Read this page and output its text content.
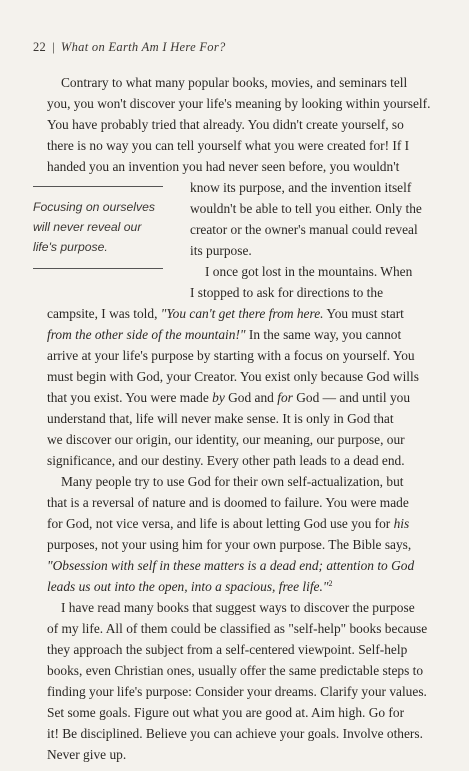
22 | What on Earth Am I Here For?
Contrary to what many popular books, movies, and seminars tell
you, you won't discover your life's meaning by looking within yourself.
You have probably tried that already. You didn't create yourself, so
there is no way you can tell yourself what you were created for! If I
handed you an invention you had never seen before, you wouldn't
know its purpose, and the invention itself
wouldn't be able to tell you either. Only the
creator or the owner's manual could reveal
its purpose.
Focusing on ourselves
will never reveal our
life's purpose.
I once got lost in the mountains. When
I stopped to ask for directions to the
campsite, I was told, "You can't get there from here. You must start
from the other side of the mountain!" In the same way, you cannot
arrive at your life's purpose by starting with a focus on yourself. You
must begin with God, your Creator. You exist only because God wills
that you exist. You were made by God and for God — and until you
understand that, life will never make sense. It is only in God that
we discover our origin, our identity, our meaning, our purpose, our
significance, and our destiny. Every other path leads to a dead end.
Many people try to use God for their own self-actualization, but
that is a reversal of nature and is doomed to failure. You were made
for God, not vice versa, and life is about letting God use you for his
purposes, not your using him for your own purpose. The Bible says,
"Obsession with self in these matters is a dead end; attention to God
leads us out into the open, into a spacious, free life."$^2$
I have read many books that suggest ways to discover the purpose
of my life. All of them could be classified as "self-help" books because
they approach the subject from a self-centered viewpoint. Self-help
books, even Christian ones, usually offer the same predictable steps to
finding your life's purpose: Consider your dreams. Clarify your values.
Set some goals. Figure out what you are good at. Aim high. Go for
it! Be disciplined. Believe you can achieve your goals. Involve others.
Never give up.
